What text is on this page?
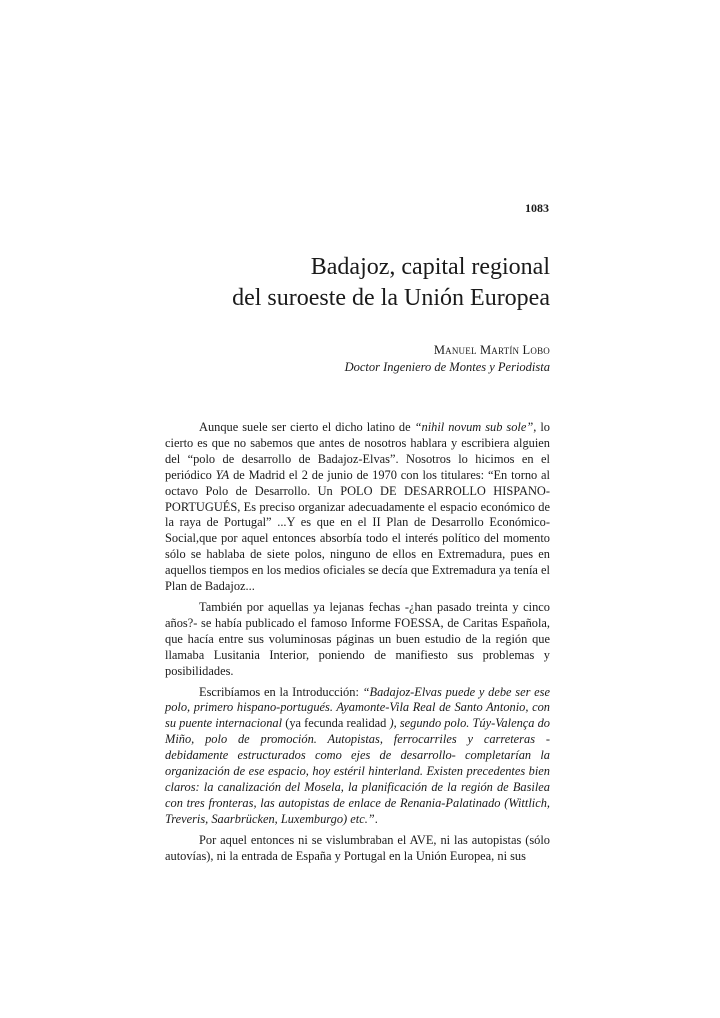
1083
Badajoz, capital regional
del suroeste de la Unión Europea
Manuel Martín Lobo
Doctor Ingeniero de Montes y Periodista

Aunque suele ser cierto el dicho latino de “nihil novum sub sole”, lo cierto es que no sabemos que antes de nosotros hablara y escribiera alguien del “polo de desarrollo de Badajoz-Elvas”. Nosotros lo hicimos en el periódico YA de Madrid el 2 de junio de 1970 con los titulares: “En torno al octavo Polo de Desarrollo. Un POLO DE DESARROLLO HISPANO-PORTUGUÉS, Es preciso organizar adecuadamente el espacio económico de la raya de Portugal” ...Y es que en el II Plan de Desarrollo Económico-Social,que por aquel entonces absorbía todo el interés político del momento sólo se hablaba de siete polos, ninguno de ellos en Extremadura, pues en aquellos tiempos en los medios oficiales se decía que Extremadura ya tenía el Plan de Badajoz...

También por aquellas ya lejanas fechas -¿han pasado treinta y cinco años?- se había publicado el famoso Informe FOESSA, de Caritas Española, que hacía entre sus voluminosas páginas un buen estudio de la región que llamaba Lusitania Interior, poniendo de manifiesto sus problemas y posibilidades.

Escribíamos en la Introducción: “Badajoz-Elvas puede y debe ser ese polo, primero hispano-portugués. Ayamonte-Vila Real de Santo Antonio, con su puente internacional (ya fecunda realidad ), segundo polo. Túy-Valença do Miño, polo de promoción. Autopistas, ferrocarriles y carreteras -debidamente estructurados como ejes de desarrollo- completarían la organización de ese espacio, hoy estéril hinterland. Existen precedentes bien claros: la canalización del Mosela, la planificación de la región de Basilea con tres fronteras, las autopistas de enlace de Renania-Palatinado (Wittlich, Treveris, Saarbrücken, Luxemburgo) etc.”.

Por aquel entonces ni se vislumbraban el AVE, ni las autopistas (sólo autovías), ni la entrada de España y Portugal en la Unión Europea, ni sus
